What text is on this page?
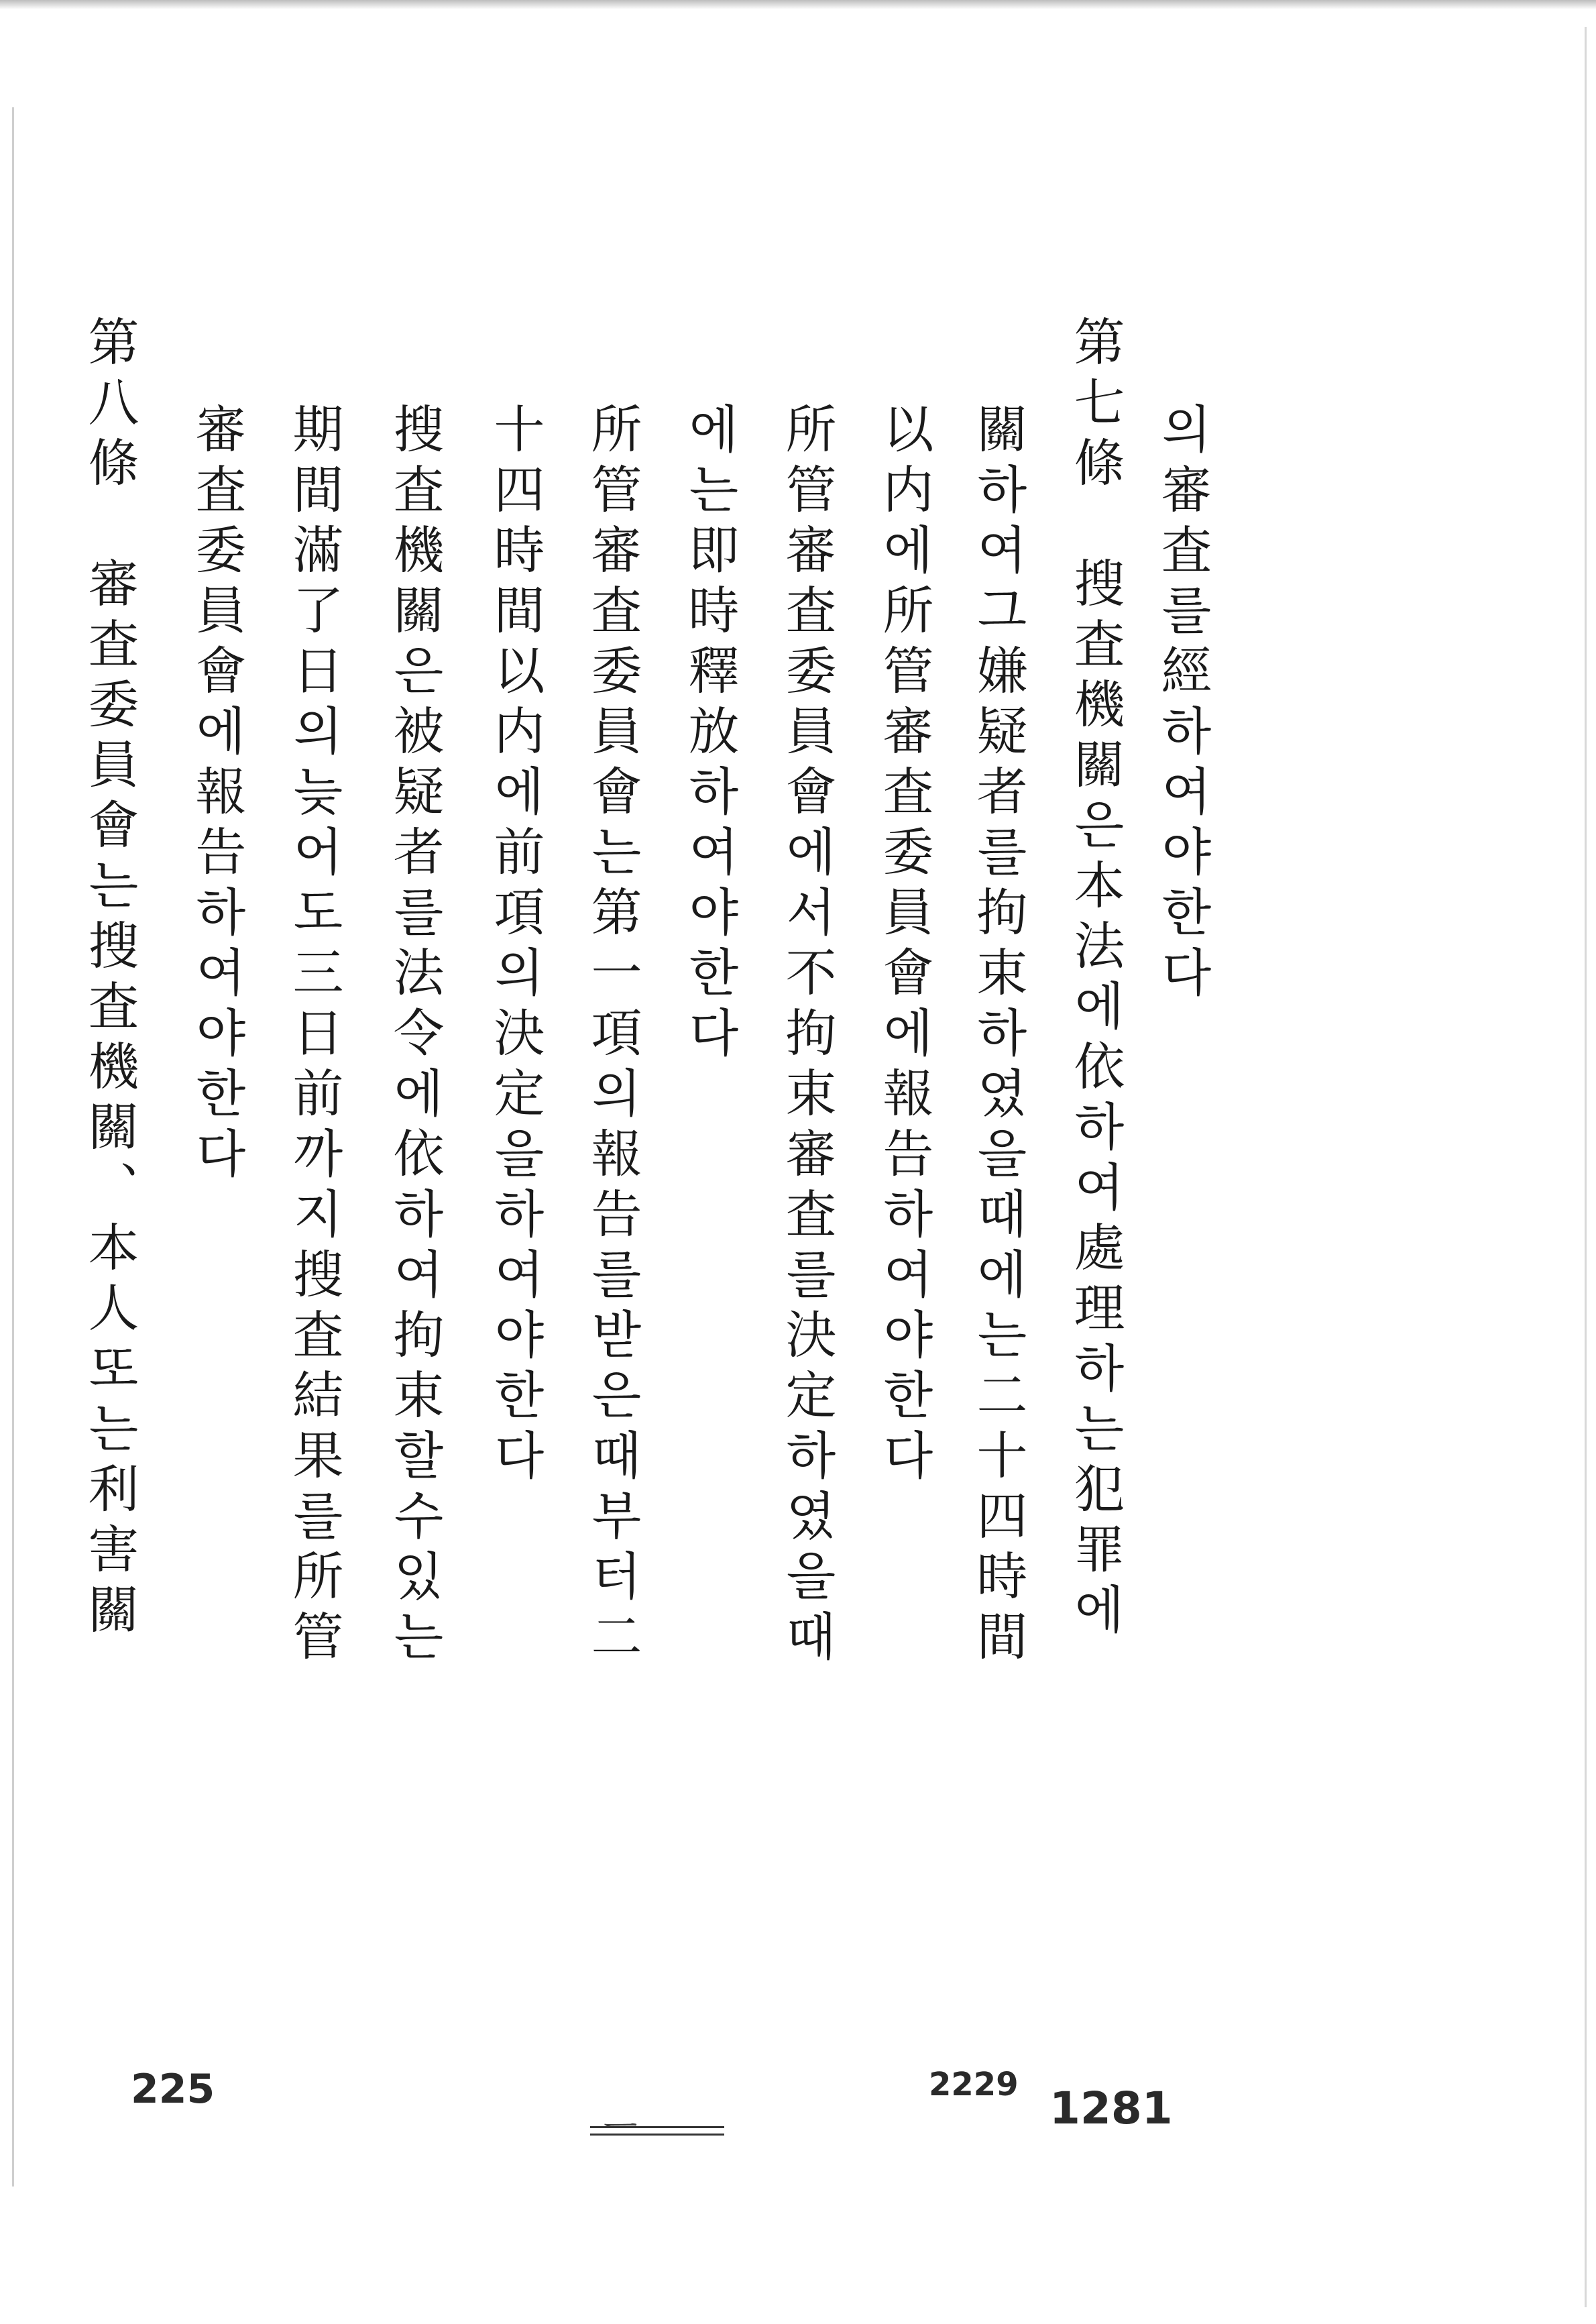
의審査를經하여야한다
第七條　搜査機關은本法에依하여處理하는犯罪에
關하여그嫌疑者를拘束하였을때에는二十四時間
以内에所管審査委員會에報告하여야한다
所管審査委員會에서不拘束審査를決定하였을때
에는即時釋放하여야한다
所管審査委員會는第一項의報告를받은때부터二
十四時間以内에前項의決定을하여야한다
搜査機關은被疑者를法令에依하여拘束할수있는
期間滿了日의늦어도三日前까지搜査結果를所管
審査委員會에報告하여야한다
第八條　審査委員會는搜査機關、本人또는利害關
225	2229 1281
ㅡ
